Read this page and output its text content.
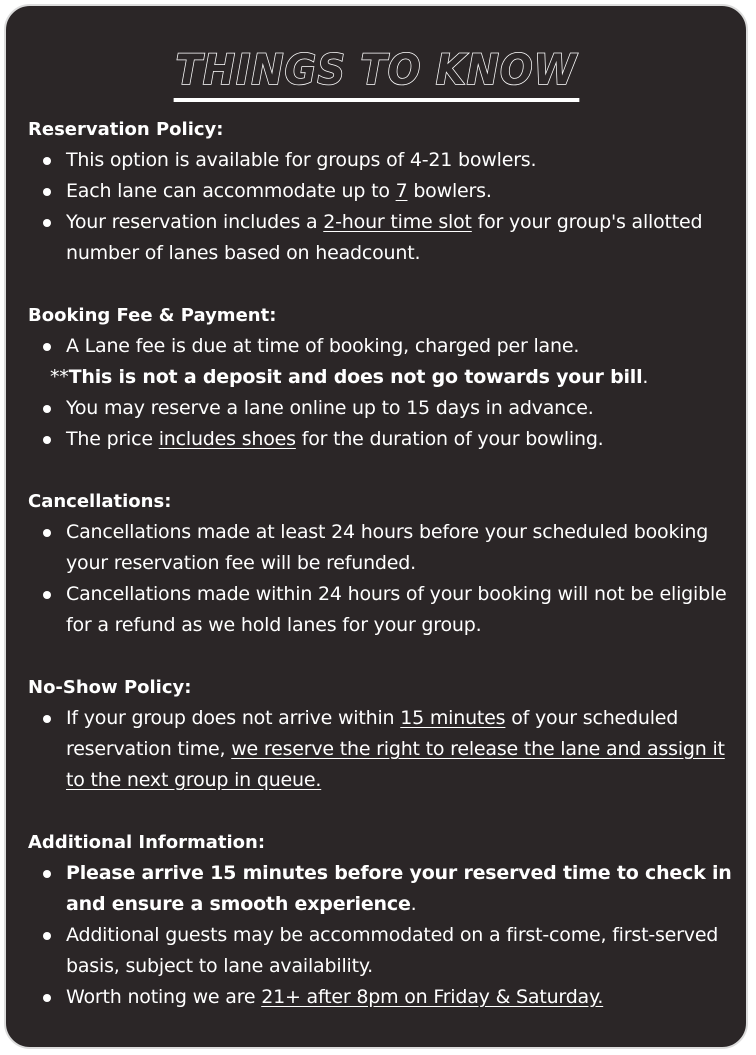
THINGS TO KNOW

Reservation Policy:

This option is available for groups of 4-21 bowlers.
Each lane can accommodate up to 7 bowlers.
Your reservation includes a 2-hour time slot for your group's allotted number of lanes based on headcount.

Booking Fee & Payment:

A Lane fee is due at time of booking, charged per lane.
**This is not a deposit and does not go towards your bill.
You may reserve a lane online up to 15 days in advance.
The price includes shoes for the duration of your bowling.

Cancellations:

Cancellations made at least 24 hours before your scheduled booking your reservation fee will be refunded.
Cancellations made within 24 hours of your booking will not be eligible for a refund as we hold lanes for your group.

No-Show Policy:

If your group does not arrive within 15 minutes of your scheduled reservation time, we reserve the right to release the lane and assign it to the next group in queue.

Additional Information:

Please arrive 15 minutes before your reserved time to check in and ensure a smooth experience.
Additional guests may be accommodated on a first-come, first-served basis, subject to lane availability.
Worth noting we are 21+ after 8pm on Friday & Saturday.
